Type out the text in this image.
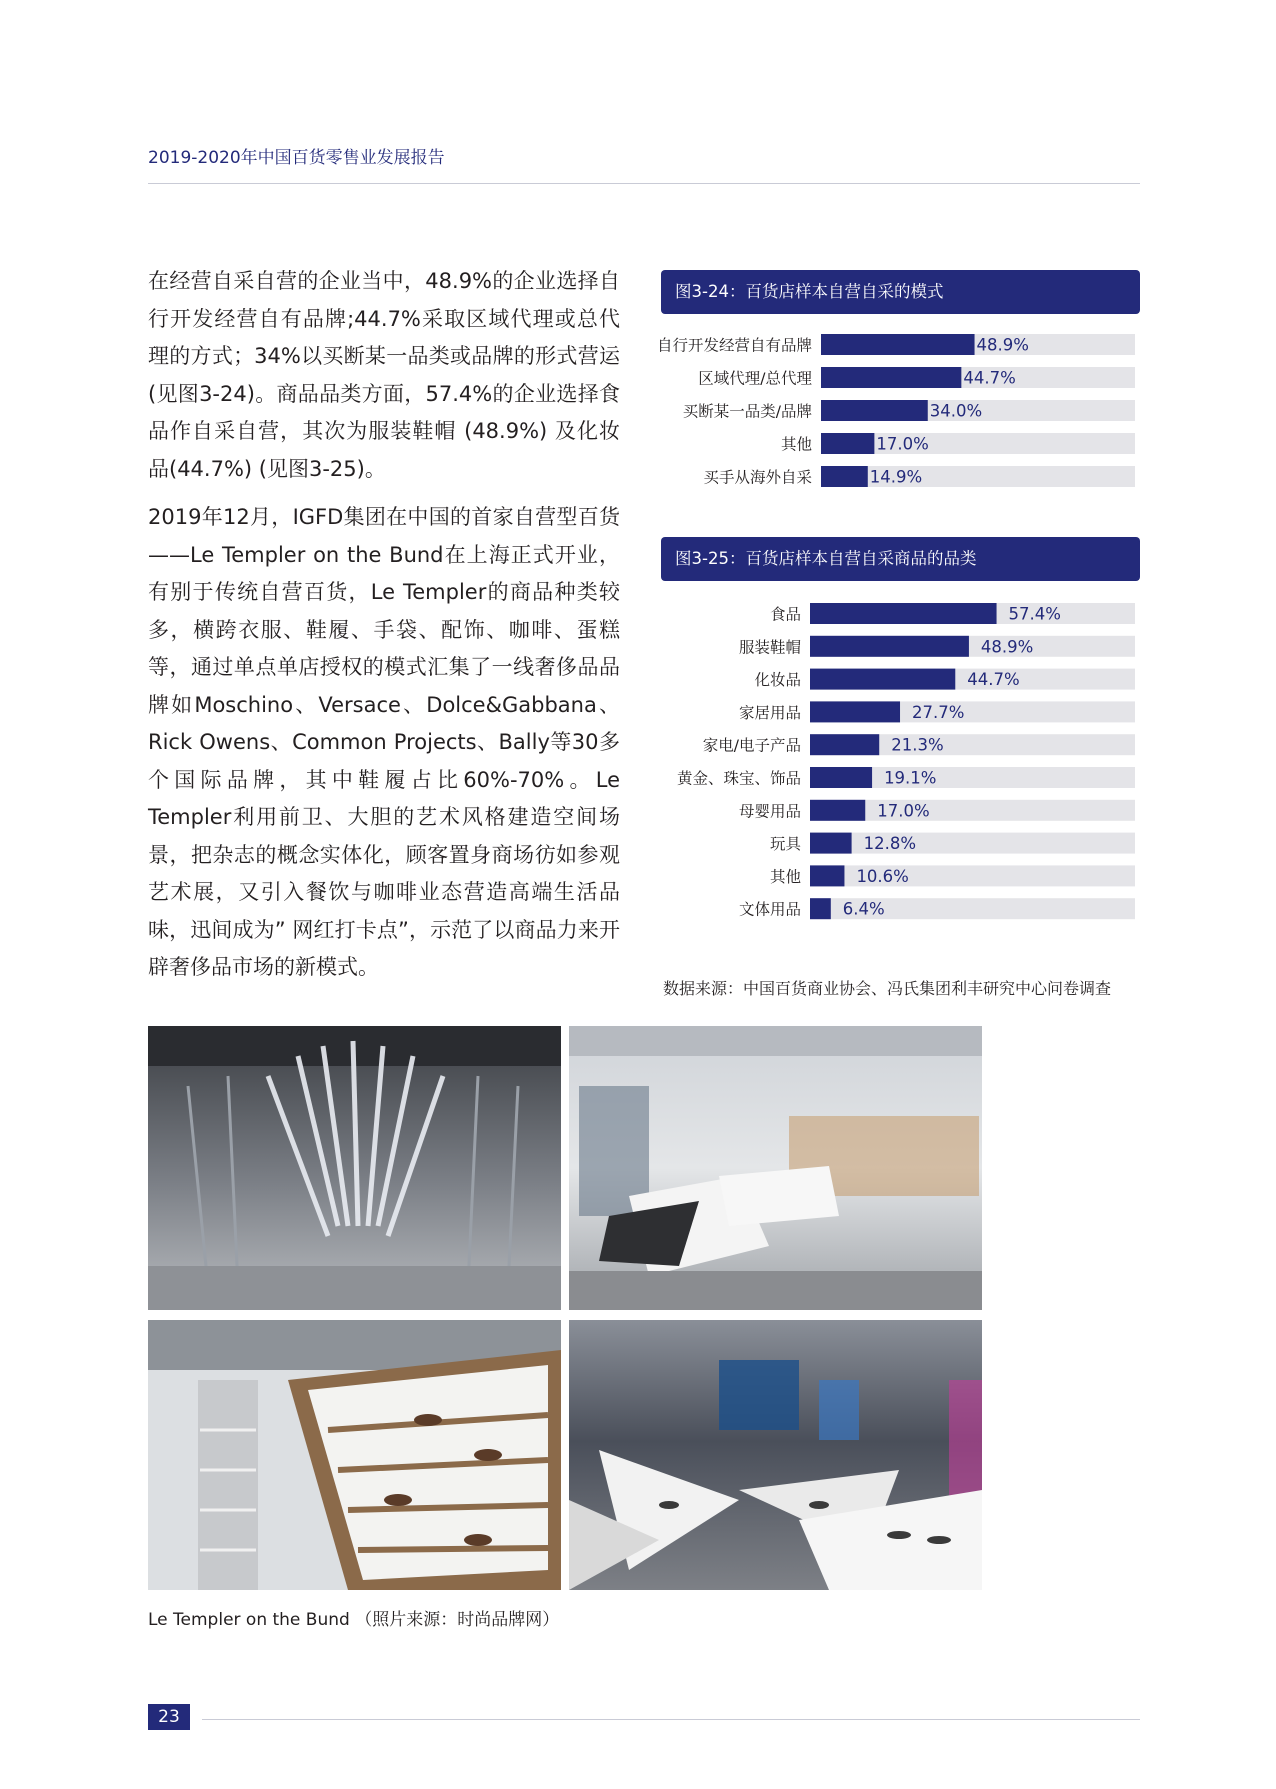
2019-2020年中国百货零售业发展报告

在经营自采自营的企业当中，48.9%的企业选择自行开发经营自有品牌;44.7%采取区域代理或总代理的方式；34%以买断某一品类或品牌的形式营运(见图3-24)。商品品类方面，57.4%的企业选择食品作自采自营，其次为服装鞋帽 (48.9%) 及化妆品(44.7%) (见图3-25)。

2019年12月，IGFD集团在中国的首家自营型百货——Le Templer on the Bund在上海正式开业，有别于传统自营百货，Le Templer的商品种类较多，横跨衣服、鞋履、手袋、配饰、咖啡、蛋糕等，通过单点单店授权的模式汇集了一线奢侈品品牌如Moschino、Versace、Dolce&Gabbana、Rick Owens、Common Projects、Bally等30多个国际品牌，其中鞋履占比60%-70%。Le Templer利用前卫、大胆的艺术风格建造空间场景，把杂志的概念实体化，顾客置身商场彷如参观艺术展，又引入餐饮与咖啡业态营造高端生活品味，迅间成为” 网红打卡点”，示范了以商品力来开辟奢侈品市场的新模式。

图3-24：百货店样本自营自采的模式
自行开发经营自有品牌	48.9%
区域代理/总代理	44.7%
买断某一品类/品牌	34.0%
其他	17.0%
买手从海外自采	14.9%
图3-25：百货店样本自营自采商品的品类
食品	57.4%
服装鞋帽	48.9%
化妆品	44.7%
家居用品	27.7%
家电/电子产品	21.3%
黄金、珠宝、饰品	19.1%
母婴用品	17.0%
玩具	12.8%
其他	10.6%
文体用品	6.4%
数据来源：中国百货商业协会、冯氏集团利丰研究中心问卷调查
Le Templer on the Bund （照片来源：时尚品牌网）
23
